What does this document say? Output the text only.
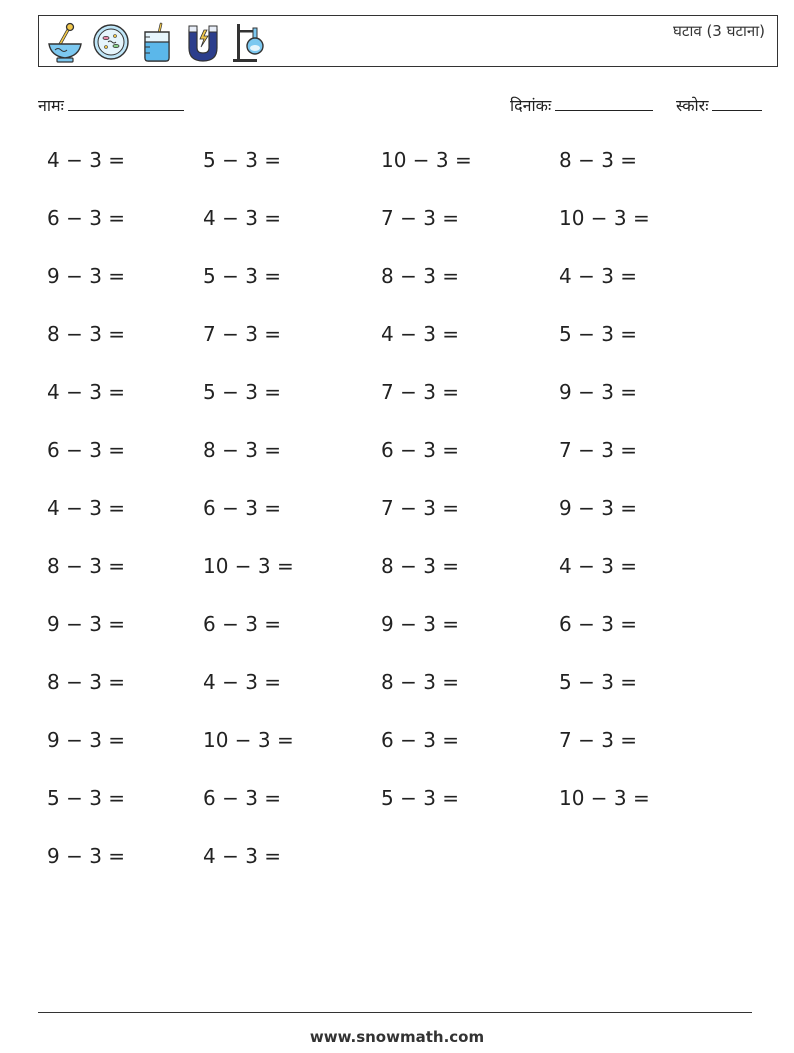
घटाव (3 घटाना)
नामः	दिनांकः	स्कोरः
4 − 3 =	5 − 3 =	10 − 3 =	8 − 3 =
6 − 3 =	4 − 3 =	7 − 3 =	10 − 3 =
9 − 3 =	5 − 3 =	8 − 3 =	4 − 3 =
8 − 3 =	7 − 3 =	4 − 3 =	5 − 3 =
4 − 3 =	5 − 3 =	7 − 3 =	9 − 3 =
6 − 3 =	8 − 3 =	6 − 3 =	7 − 3 =
4 − 3 =	6 − 3 =	7 − 3 =	9 − 3 =
8 − 3 =	10 − 3 =	8 − 3 =	4 − 3 =
9 − 3 =	6 − 3 =	9 − 3 =	6 − 3 =
8 − 3 =	4 − 3 =	8 − 3 =	5 − 3 =
9 − 3 =	10 − 3 =	6 − 3 =	7 − 3 =
5 − 3 =	6 − 3 =	5 − 3 =	10 − 3 =
9 − 3 =	4 − 3 =
www.snowmath.com
